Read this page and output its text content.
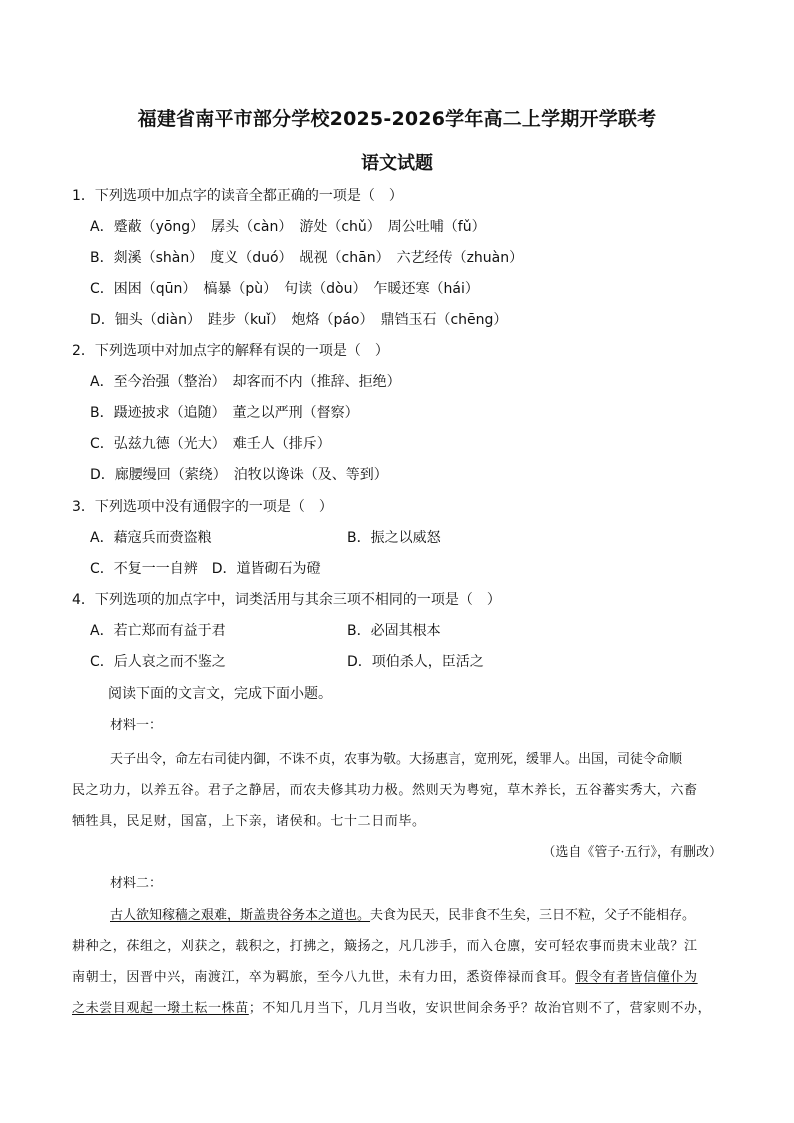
福建省南平市部分学校2025-2026学年高二上学期开学联考
语文试题
1．下列选项中加点字的读音全都正确的一项是（　）
A．蹙蔽（yōng）　孱头（càn）　游处（chǔ）　周公吐哺（fǔ）
B．剡溪（shàn）　度义（duó）　觇视（chān）　六艺经传（zhuàn）
C．困困（qūn）　槁暴（pù）　句读（dòu）　乍暖还寒（hái）
D．钿头（diàn）　跬步（kuǐ）　炮烙（páo）　鼎铛玉石（chēng）
2．下列选项中对加点字的解释有误的一项是（　）
A．至今治强（整治）　却客而不内（推辞、拒绝）
B．蹑迹披求（追随）　董之以严刑（督察）
C．弘兹九德（光大）　难壬人（排斥）
D．廊腰缦回（萦绕）　泊牧以谗诛（及、等到）
3．下列选项中没有通假字的一项是（　）
A．藉寇兵而赍盗粮	B．振之以威怒
C．不复一一自辨　D．道皆砌石为磴
4．下列选项的加点字中，词类活用与其余三项不相同的一项是（　）
A．若亡郑而有益于君	B．必固其根本
C．后人哀之而不鉴之	D．项伯杀人，臣活之
阅读下面的文言文，完成下面小题。
材料一：
天子出令，命左右司徒内御，不诛不贞，农事为敬。大扬惠言，宽刑死，缓罪人。出国，司徒令命顺
民之功力，以养五谷。君子之静居，而农夫修其功力极。然则天为粤宛，草木养长，五谷蕃实秀大，六畜
牺牲具，民足财，国富，上下亲，诸侯和。七十二日而毕。
（选自《管子·五行》，有删改）
材料二：
古人欲知稼穑之艰难，斯盖贵谷务本之道也。夫食为民天，民非食不生矣，三日不粒，父子不能相存。
耕种之，茠组之，刈获之，载积之，打拂之，簸扬之，凡几涉手，而入仓廪，安可轻农事而贵末业哉？江
南朝士，因晋中兴，南渡江，卒为羁旅，至今八九世，未有力田，悉资俸禄而食耳。假令有者皆信僮仆为
之未尝目观起一墢土耘一株苗；不知几月当下，几月当收，安识世间余务乎？故治官则不了，营家则不办，
